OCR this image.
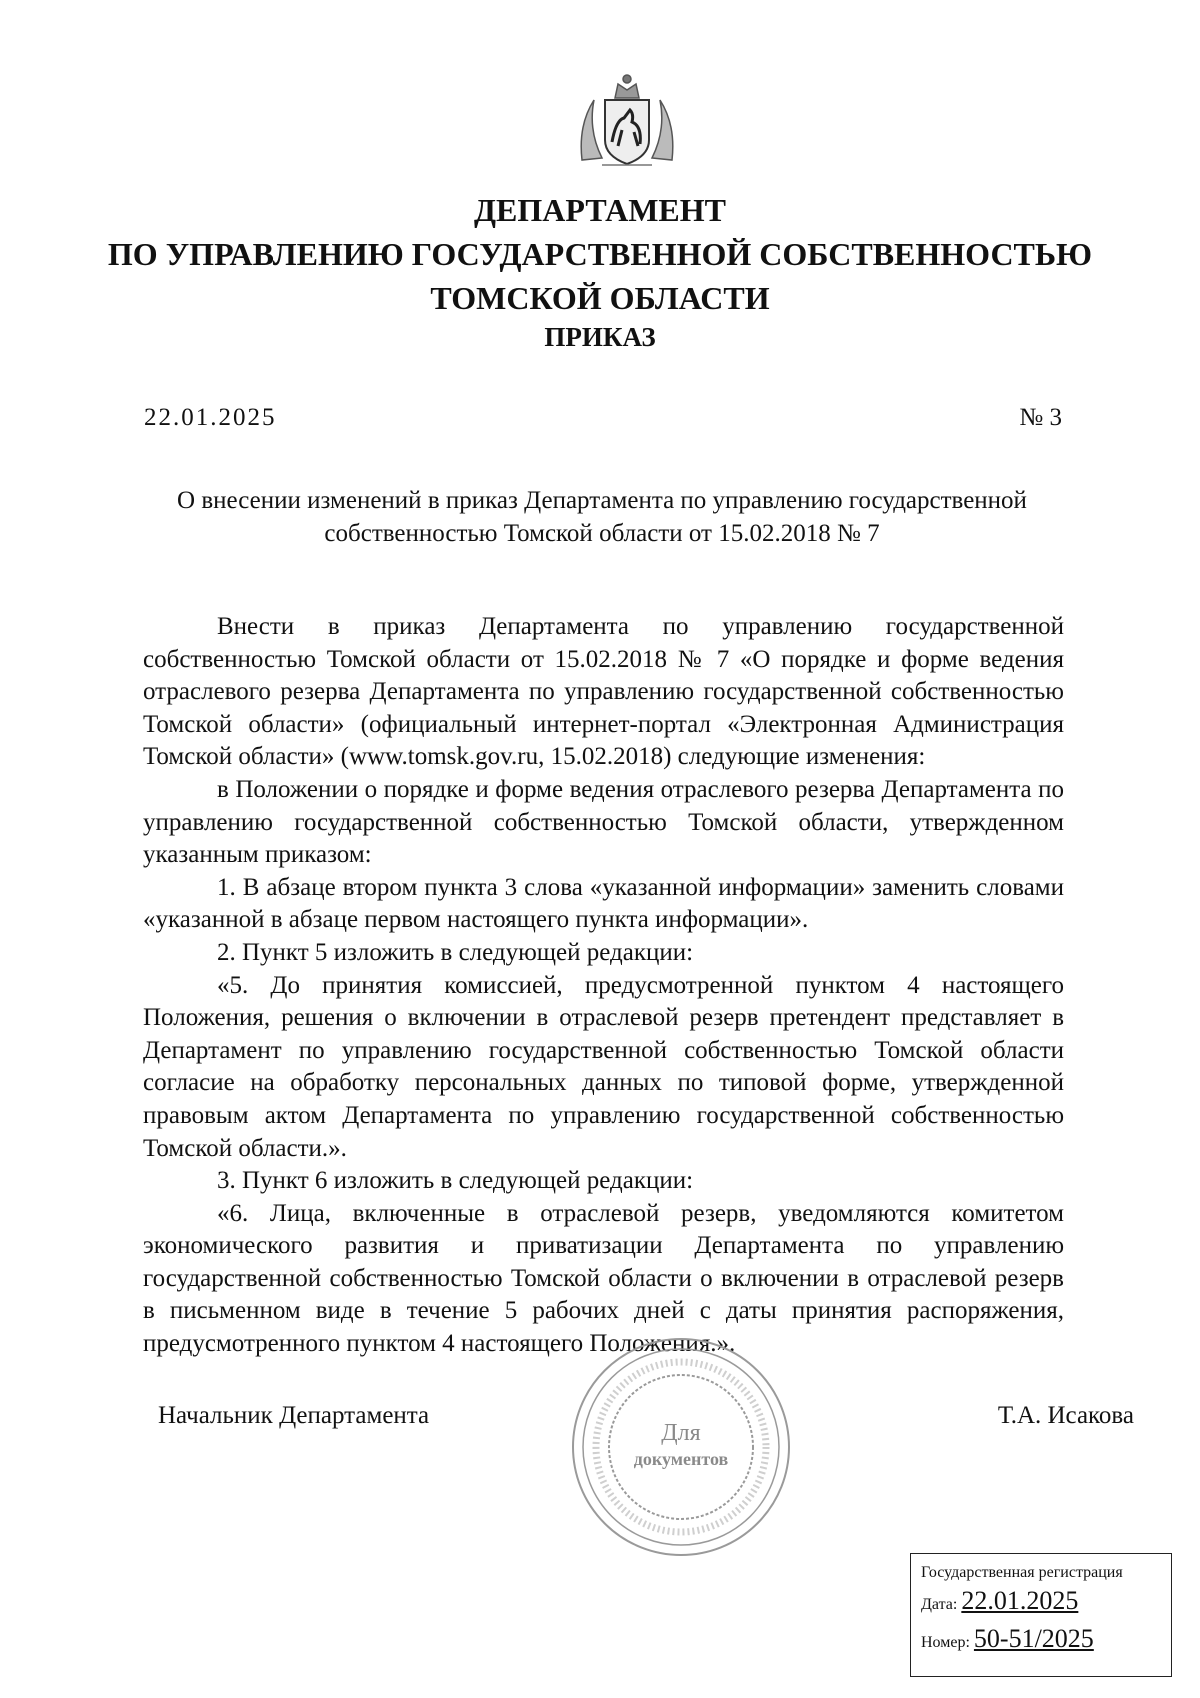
ДЕПАРТАМЕНТ
ПО УПРАВЛЕНИЮ ГОСУДАРСТВЕННОЙ СОБСТВЕННОСТЬЮ
ТОМСКОЙ ОБЛАСТИ
ПРИКАЗ
22.01.2025	№ 3
О внесении изменений в приказ Департамента по управлению государственной
собственностью Томской области от 15.02.2018 № 7

Внести в приказ Департамента по управлению государственной собственностью Томской области от 15.02.2018 № 7 «О порядке и форме ведения отраслевого резерва Департамента по управлению государственной собственностью Томской области» (официальный интернет-портал «Электронная Администрация Томской области» (www.tomsk.gov.ru, 15.02.2018) следующие изменения:

в Положении о порядке и форме ведения отраслевого резерва Департамента по управлению государственной собственностью Томской области, утвержденном указанным приказом:

1. В абзаце втором пункта 3 слова «указанной информации» заменить словами «указанной в абзаце первом настоящего пункта информации».

2. Пункт 5 изложить в следующей редакции:

«5. До принятия комиссией, предусмотренной пунктом 4 настоящего Положения, решения о включении в отраслевой резерв претендент представляет в Департамент по управлению государственной собственностью Томской области согласие на обработку персональных данных по типовой форме, утвержденной правовым актом Департамента по управлению государственной собственностью Томской области.».

3. Пункт 6 изложить в следующей редакции:

«6. Лица, включенные в отраслевой резерв, уведомляются комитетом экономического развития и приватизации Департамента по управлению государственной собственностью Томской области о включении в отраслевой резерв в письменном виде в течение 5 рабочих дней с даты принятия распоряжения, предусмотренного пунктом 4 настоящего Положения.».

Начальник Департамента	Т.А. Исакова
Для
документов
Государственная регистрация
Дата: 22.01.2025
Номер: 50-51/2025
